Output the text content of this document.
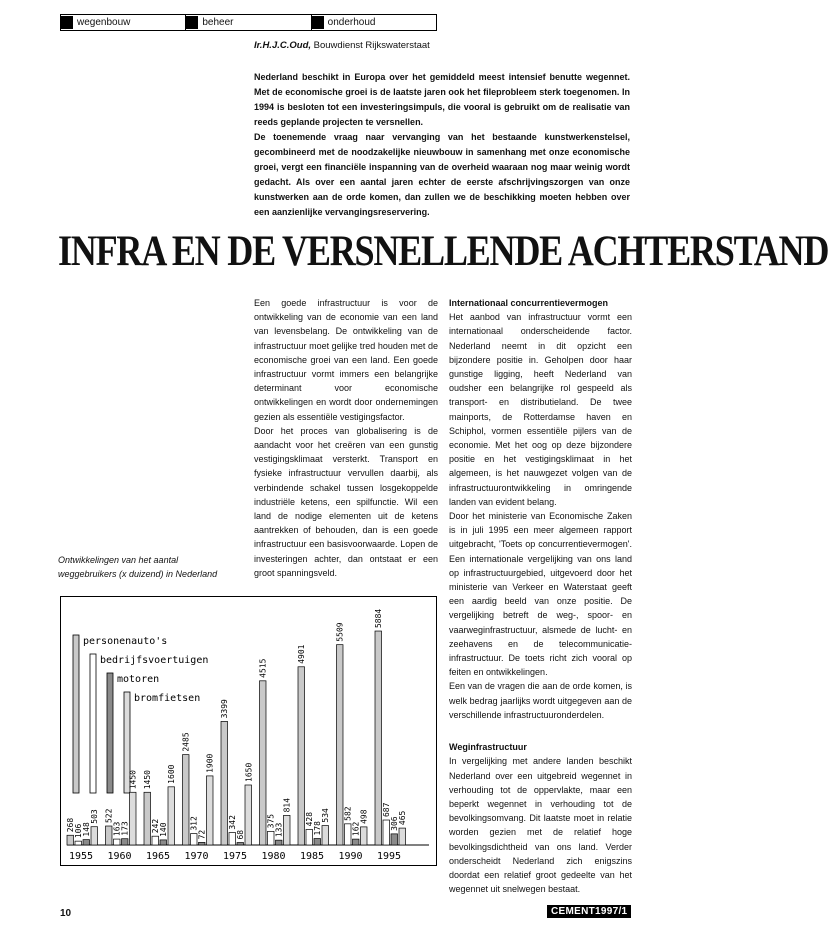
wegenbouw	beheer	onderhoud
Ir.H.J.C.Oud, Bouwdienst Rijkswaterstaat

Nederland beschikt in Europa over het gemiddeld meest intensief benutte wegennet. Met de economische groei is de laatste jaren ook het fileprobleem sterk toegenomen. In 1994 is besloten tot een investeringsimpuls, die vooral is gebruikt om de realisatie van reeds geplande projecten te versnellen.

De toenemende vraag naar vervanging van het bestaande kunstwerkenstelsel, gecombineerd met de noodzakelijke nieuwbouw in samenhang met onze economische groei, vergt een financiële inspanning van de overheid waaraan nog maar weinig wordt gedacht. Als over een aantal jaren echter de eerste afschrijvingszorgen van onze kunstwerken aan de orde komen, dan zullen we de beschikking moeten hebben over een aanzienlijke vervangingsreservering.

INFRA EN DE VERSNELLENDE ACHTERSTAND

Een goede infrastructuur is voor de ontwikkeling van de economie van een land van levensbelang. De ontwikkeling van de infrastructuur moet gelijke tred houden met de economische groei van een land. Een goede infrastructuur vormt immers een belangrijke determinant voor economische ontwikkelingen en wordt door ondernemingen gezien als essentiële vestigingsfactor.

Door het proces van globalisering is de aandacht voor het creëren van een gunstig vestigingsklimaat versterkt. Transport en fysieke infrastructuur vervullen daarbij, als verbindende schakel tussen losgekoppelde industriële ketens, een spilfunctie. Wil een land de nodige elementen uit de ketens aantrekken of behouden, dan is een goede infrastructuur een basisvoorwaarde. Lopen de investeringen achter, dan ontstaat er een groot spanningsveld.

Internationaal concurrentievermogen

Het aanbod van infrastructuur vormt een internationaal onderscheidende factor. Nederland neemt in dit opzicht een bijzondere positie in. Geholpen door haar gunstige ligging, heeft Nederland van oudsher een belangrijke rol gespeeld als transport- en distributieland. De twee mainports, de Rotterdamse haven en Schiphol, vormen essentiële pijlers van de economie. Met het oog op deze bijzondere positie en het vestigingsklimaat in het algemeen, is het nauwgezet volgen van de infrastructuurontwikkeling in omringende landen van evident belang.

Door het ministerie van Economische Zaken is in juli 1995 een meer algemeen rapport uitgebracht, 'Toets op concurrentievermogen'. Een internationale vergelijking van ons land op infrastructuurgebied, uitgevoerd door het ministerie van Verkeer en Waterstaat geeft een aardig beeld van onze positie. De vergelijking betreft de weg-, spoor- en vaarweginfrastructuur, alsmede de lucht- en zeehavens en de telecommunicatie-infrastructuur. De toets richt zich vooral op feiten en ontwikkelingen.

Een van de vragen die aan de orde komen, is welk bedrag jaarlijks wordt uitgegeven aan de verschillende infrastructuuronderdelen.

Weginfrastructuur

In vergelijking met andere landen beschikt Nederland over een uitgebreid wegennet in verhouding tot de oppervlakte, maar een beperkt wegennet in verhouding tot de bevolkingsomvang. Dit laatste moet in relatie worden gezien met de relatief hoge bevolkingsdichtheid van ons land. Verder onderscheidt Nederland zich enigszins doordat een relatief groot gedeelte van het wegennet uit snelwegen bestaat.

Ontwikkelingen van het aantal weggebruikers (x duizend) in Nederland
personenauto's
bedrijfsvoertuigen
motoren
bromfietsen
268 106 148
503
1955
522
163 173
1450
1960
1450
242 140
1600
1965
2485
312
72
1900
1970
3399
342
68
1650
1975
4515
375
133
814
1980
4901
428
178
534
1985
5509
582
162
498
1990
5884
687
306 465
1995
10	CEMENT1997/1
